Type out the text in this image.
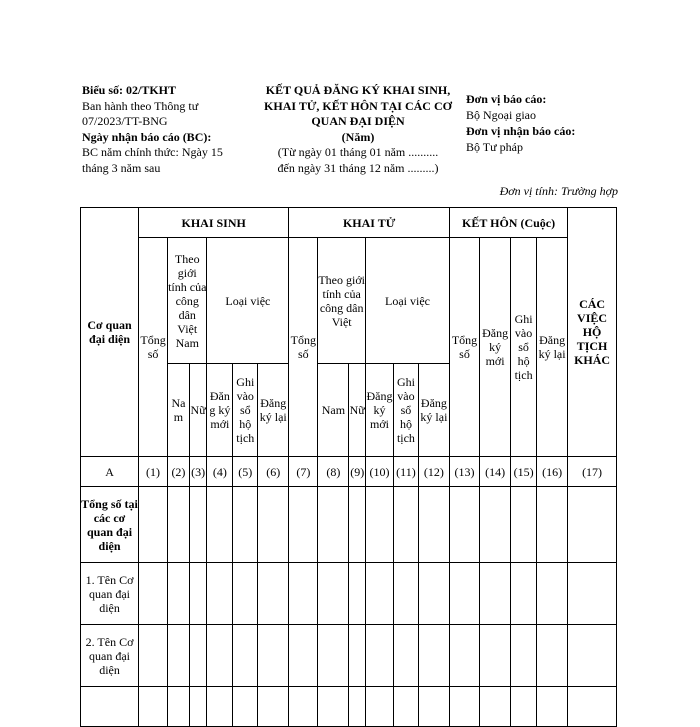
Biểu số: 02/TKHT
Ban hành theo Thông tư
07/2023/TT-BNG
Ngày nhận báo cáo (BC):
BC năm chính thức: Ngày 15
tháng 3 năm sau
KẾT QUẢ ĐĂNG KÝ KHAI SINH,
KHAI TỬ, KẾT HÔN TẠI CÁC CƠ
QUAN ĐẠI DIỆN
(Năm)
(Từ ngày 01 tháng 01 năm ..........
đến ngày 31 tháng 12 năm .........)
Đơn vị báo cáo:
Bộ Ngoại giao
Đơn vị nhận báo cáo:
Bộ Tư pháp
Đơn vị tính: Trường hợp
Cơ quan đại diện	KHAI SINH						KHAI TỬ						KẾT HÔN (Cuộc)				CÁC VIỆC HỘ TỊCH KHÁC
	Tổng số	Theo giới tính của công dân Việt Nam		Loại việc			Tổng số	Theo giới tính của công dân Việt		Loại việc			Tổng số	Đăng ký mới	Ghi vào sổ hộ tịch	Đăng ký lại	
		Nam	Nữ	Đăng ký mới	Ghi vào sổ hộ tịch	Đăng ký lại		Nam	Nữ	Đăng ký mới	Ghi vào sổ hộ tịch	Đăng ký lại					
A	(1)	(2)	(3)	(4)	(5)	(6)	(7)	(8)	(9)	(10)	(11)	(12)	(13)	(14)	(15)	(16)	(17)
Tổng số tại các cơ quan đại diện																	
1. Tên Cơ quan đại diện																	
2. Tên Cơ quan đại diện																	
